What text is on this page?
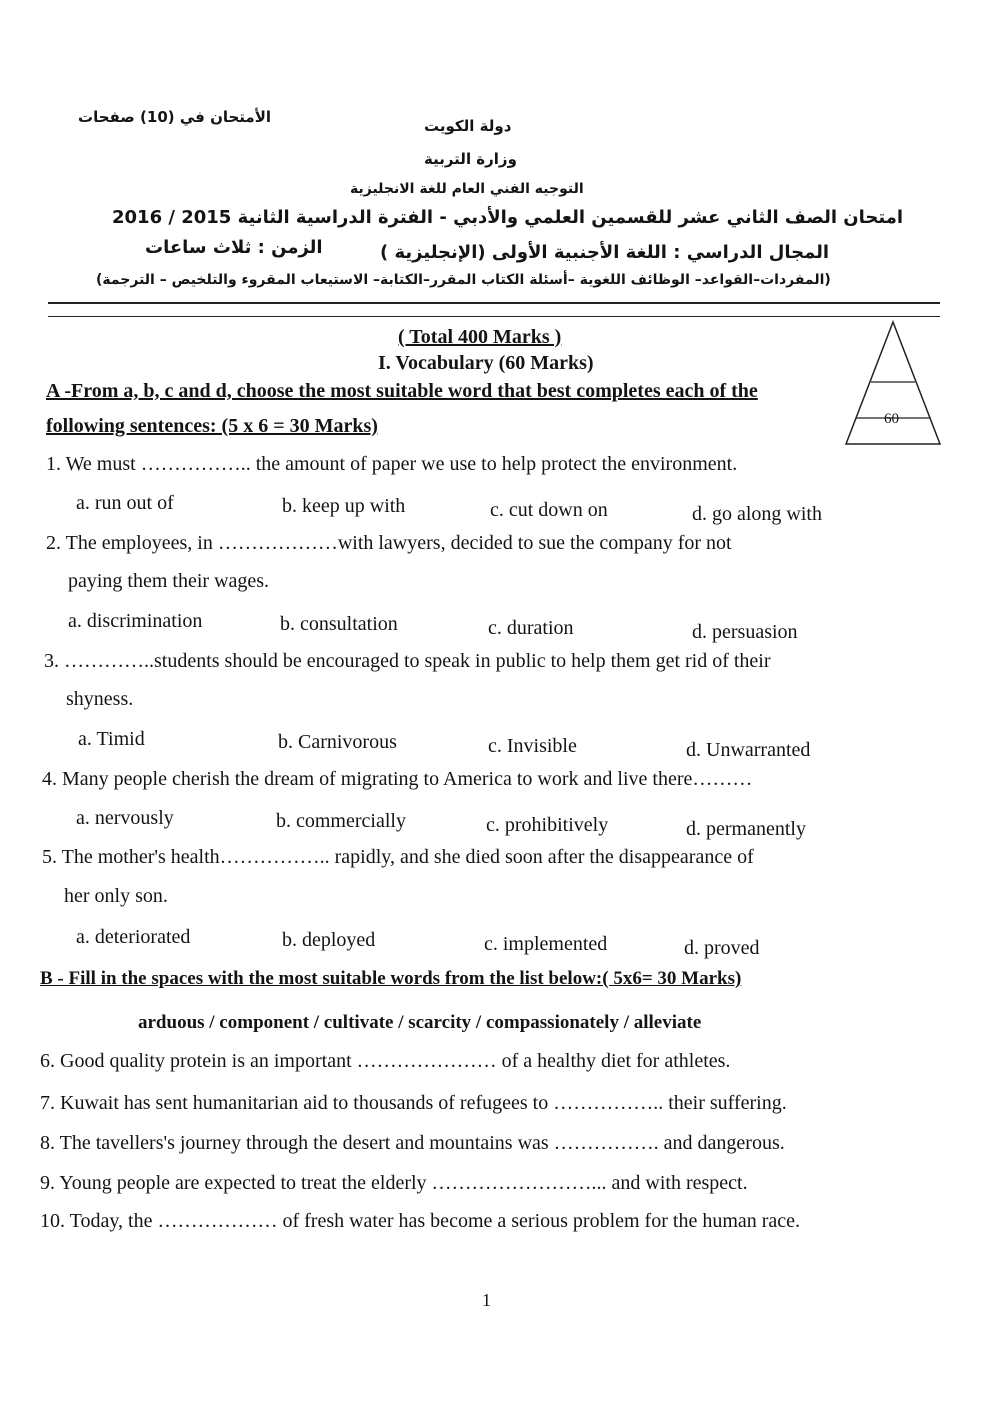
الأمتحان في (10) صفحات	دولة الكويت
وزارة التربية
التوجيه الفني العام للغة الانجليزية
امتحان الصف الثاني عشر للقسمين العلمي والأدبي - الفترة الدراسية الثانية 2015 / 2016
المجال الدراسي : اللغة الأجنبية الأولى (الإنجليزية )
الزمن : ثلاث ساعات
(المفردات–القواعد– الوظائف اللغوية –أسئلة الكتاب المقرر–الكتابة– الاستيعاب المقروء والتلخيص – الترجمة)
( Total 400 Marks )
I. Vocabulary (60 Marks)
60
A -From a, b, c and d, choose the most suitable word that best completes each of the
following sentences: (5 x 6 = 30 Marks)
1. We must …………….. the amount of paper we use to help protect the environment.
a. run out of	b. keep up with	c. cut down on	d. go along with
2. The employees, in ………………with lawyers, decided to sue the company for not
paying them their wages.
a. discrimination	b. consultation	c. duration	d. persuasion
3. …………..students should be encouraged to speak in public to help them get rid of their
shyness.
a. Timid	b. Carnivorous	c. Invisible	d. Unwarranted
4. Many people cherish the dream of migrating to America to work and live there………
a. nervously	b. commercially	c. prohibitively	d. permanently
5. The mother's health…………….. rapidly, and she died soon after the disappearance of
her only son.
a. deteriorated	b. deployed	c. implemented	d. proved
B - Fill in the spaces with the most suitable words from the list below:( 5x6= 30 Marks)
arduous / component / cultivate / scarcity / compassionately / alleviate
6. Good quality protein is an important ………………… of a healthy diet for athletes.
7. Kuwait has sent humanitarian aid to thousands of refugees to …………….. their suffering.
8. The tavellers's journey through the desert and mountains was ……………. and dangerous.
9. Young people are expected to treat the elderly ……………………... and with respect.
10. Today, the ……………… of fresh water has become a serious problem for the human race.
1
